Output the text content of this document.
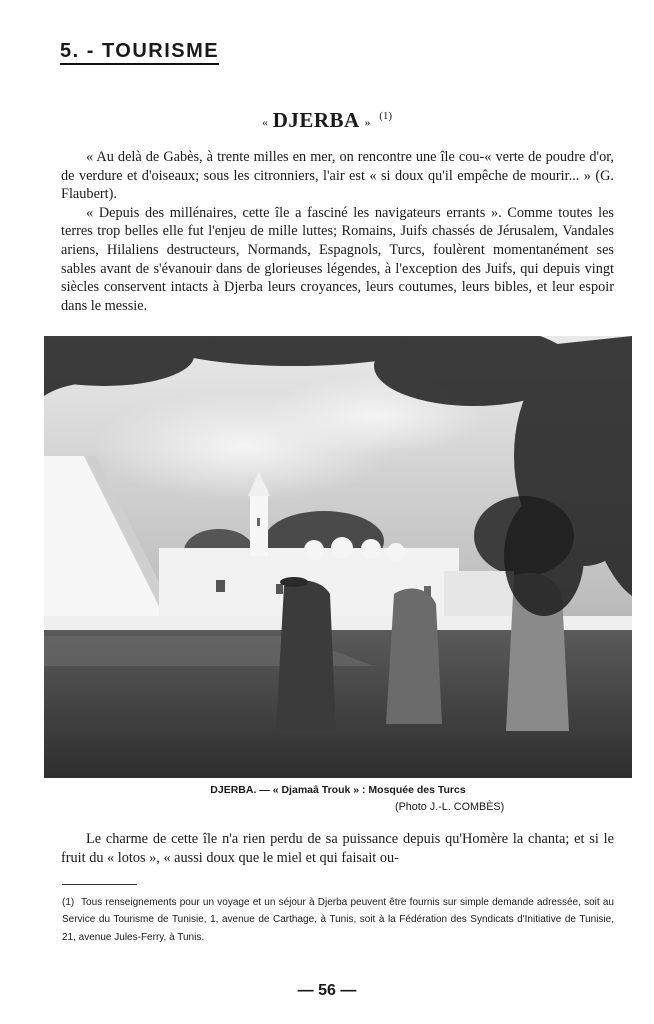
5. - TOURISME
« DJERBA » $^{(1)}$

« Au delà de Gabès, à trente milles en mer, on rencontre une île cou-« verte de poudre d'or, de verdure et d'oiseaux; sous les citronniers, l'air est « si doux qu'il empêche de mourir... » (G. Flaubert).

« Depuis des millénaires, cette île a fasciné les navigateurs errants ». Comme toutes les terres trop belles elle fut l'enjeu de mille luttes; Romains, Juifs chassés de Jérusalem, Vandales ariens, Hilaliens destructeurs, Normands, Espagnols, Turcs, foulèrent momentanément ses sables avant de s'évanouir dans de glorieuses légendes, à l'exception des Juifs, qui depuis vingt siècles conservent intacts à Djerba leurs croyances, leurs coutumes, leurs bibles, et leur espoir dans le messie.

DJERBA. — « Djamaâ Trouk » : Mosquée des Turcs
(Photo J.-L. COMBÈS)

Le charme de cette île n'a rien perdu de sa puissance depuis qu'Homère la chanta; et si le fruit du « lotos », « aussi doux que le miel et qui faisait ou-

(1) Tous renseignements pour un voyage et un séjour à Djerba peuvent être fournis sur simple demande adressée, soit au Service du Tourisme de Tunisie, 1, avenue de Carthage, à Tunis, soit à la Fédération des Syndicats d'Initiative de Tunisie, 21, avenue Jules-Ferry, à Tunis.
— 56 —
